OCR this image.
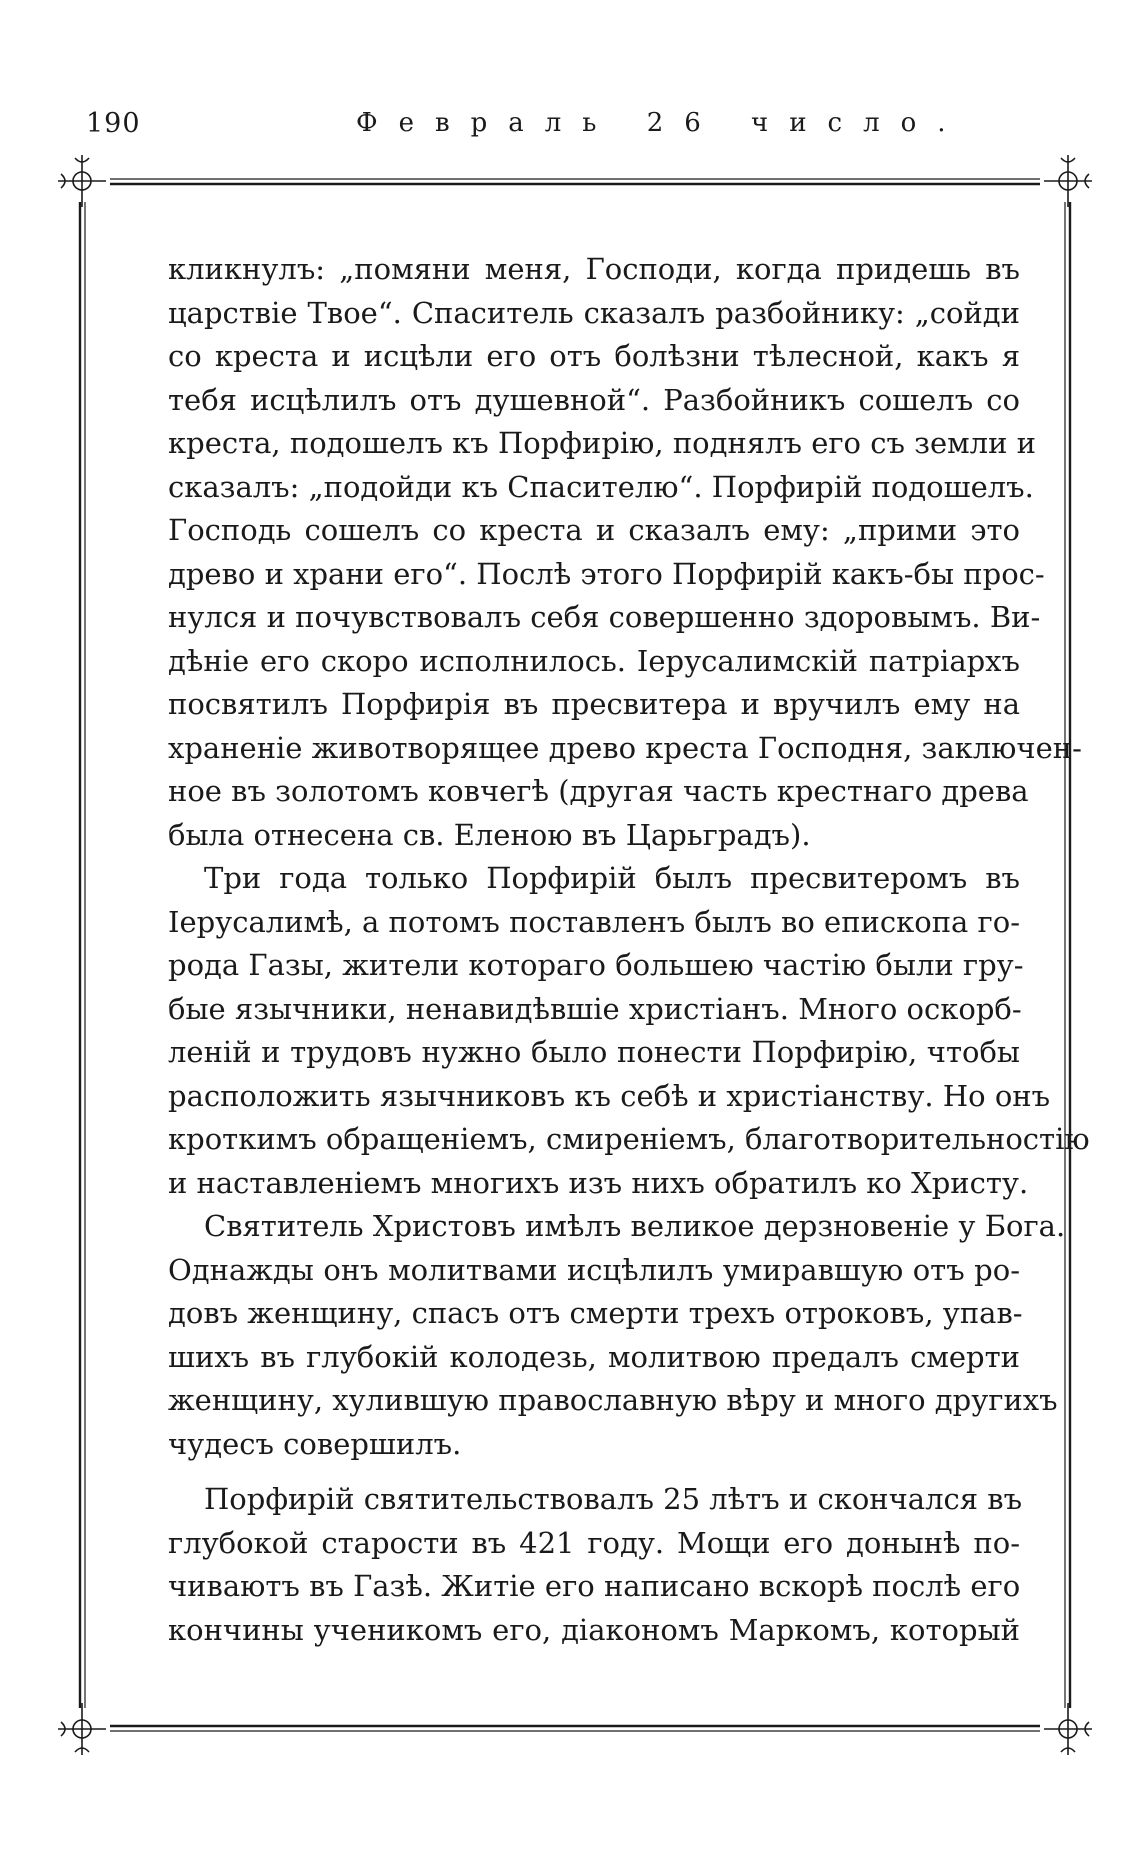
190	Февраль 26 число.
кликнулъ: „помяни меня, Господи, когда придешь въ
царствіе Твое“. Спаситель сказалъ разбойнику: „сойди
со креста и исцѣли его отъ болѣзни тѣлесной, какъ я
тебя исцѣлилъ отъ душевной“. Разбойникъ сошелъ со
креста, подошелъ къ Порфирію, поднялъ его съ земли и
сказалъ: „подойди къ Спасителю“. Порфирій подошелъ.
Господь сошелъ со креста и сказалъ ему: „прими это
древо и храни его“. Послѣ этого Порфирій какъ-бы прос-
нулся и почувствовалъ себя совершенно здоровымъ. Ви-
дѣніе его скоро исполнилось. Іерусалимскій патріархъ
посвятилъ Порфирія въ пресвитера и вручилъ ему на
храненіе животворящее древо креста Господня, заключен-
ное въ золотомъ ковчегѣ (другая часть крестнаго древа
была отнесена св. Еленою въ Царьградъ).
Три года только Порфирій былъ пресвитеромъ въ
Іерусалимѣ, а потомъ поставленъ былъ во епископа го-
рода Газы, жители котораго большею частію были гру-
бые язычники, ненавидѣвшіе христіанъ. Много оскорб-
леній и трудовъ нужно было понести Порфирію, чтобы
расположить язычниковъ къ себѣ и христіанству. Но онъ
кроткимъ обращеніемъ, смиреніемъ, благотворительностію
и наставленіемъ многихъ изъ нихъ обратилъ ко Христу.
Святитель Христовъ имѣлъ великое дерзновеніе у Бога.
Однажды онъ молитвами исцѣлилъ умиравшую отъ ро-
довъ женщину, спасъ отъ смерти трехъ отроковъ, упав-
шихъ въ глубокій колодезь, молитвою предалъ смерти
женщину, хулившую православную вѣру и много другихъ
чудесъ совершилъ.
Порфирій святительствовалъ 25 лѣтъ и скончался въ
глубокой старости въ 421 году. Мощи его донынѣ по-
чиваютъ въ Газѣ. Житіе его написано вскорѣ послѣ его
кончины ученикомъ его, діакономъ Маркомъ, который
